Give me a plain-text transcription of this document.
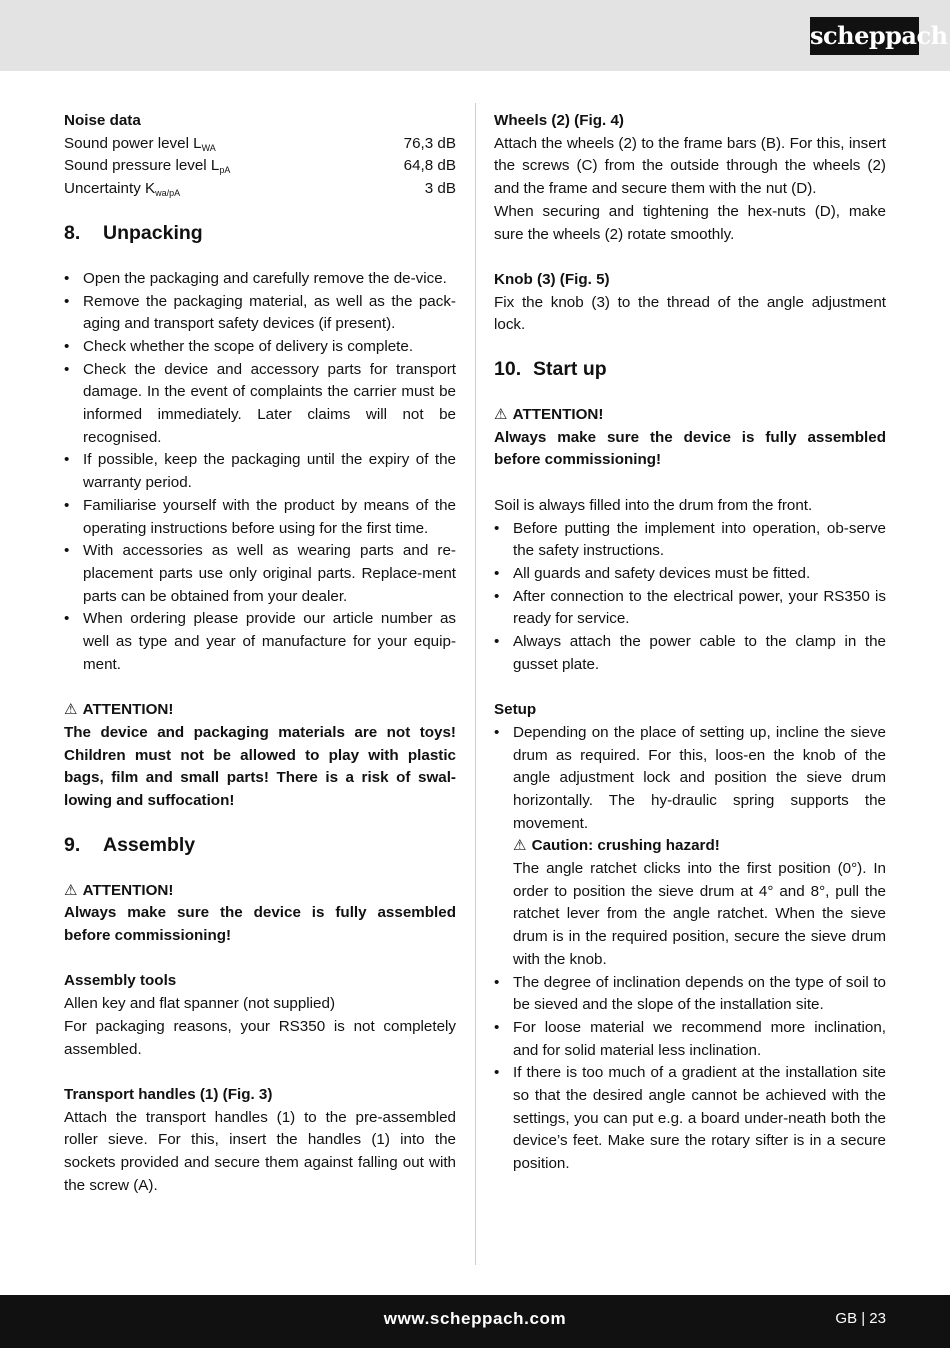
scheppach

Noise data

Sound power level $L_{WA}$	76,3 dB
Sound pressure level $L_{pA}$	64,8 dB
Uncertainty $K_{wa/pA}$	3 dB
8.	Unpacking
• Open the packaging and carefully remove the de-vice.
• Remove the packaging material, as well as the pack-aging and transport safety devices (if present).
• Check whether the scope of delivery is complete.
• Check the device and accessory parts for transport damage. In the event of complaints the carrier must be informed immediately. Later claims will not be recognised.
• If possible, keep the packaging until the expiry of the warranty period.
• Familiarise yourself with the product by means of the operating instructions before using for the first time.
• With accessories as well as wearing parts and re-placement parts use only original parts. Replace-ment parts can be obtained from your dealer.
• When ordering please provide our article number as well as type and year of manufacture for your equip-ment.

⚠ ATTENTION!

The device and packaging materials are not toys! Children must not be allowed to play with plastic bags, film and small parts! There is a risk of swal-lowing and suffocation!

9.	Assembly

⚠ ATTENTION!

Always make sure the device is fully assembled before commissioning!

Assembly tools

Allen key and flat spanner (not supplied)

For packaging reasons, your RS350 is not completely assembled.

Transport handles (1) (Fig. 3)

Attach the transport handles (1) to the pre-assembled roller sieve. For this, insert the handles (1) into the sockets provided and secure them against falling out with the screw (A).

Wheels (2) (Fig. 4)

Attach the wheels (2) to the frame bars (B). For this, insert the screws (C) from the outside through the wheels (2) and the frame and secure them with the nut (D).

When securing and tightening the hex-nuts (D), make sure the wheels (2) rotate smoothly.

Knob (3) (Fig. 5)

Fix the knob (3) to the thread of the angle adjustment lock.

10. Start up

⚠ ATTENTION!

Always make sure the device is fully assembled before commissioning!

Soil is always filled into the drum from the front.

• Before putting the implement into operation, ob-serve the safety instructions.
• All guards and safety devices must be fitted.
• After connection to the electrical power, your RS350 is ready for service.
• Always attach the power cable to the clamp in the gusset plate.

Setup

• Depending on the place of setting up, incline the sieve drum as required. For this, loos-en the knob of the angle adjustment lock and position the sieve drum horizontally. The hy-draulic spring supports the movement.
⚠ Caution: crushing hazard!
The angle ratchet clicks into the first position (0°). In order to position the sieve drum at 4° and 8°, pull the ratchet lever from the angle ratchet. When the sieve drum is in the required position, secure the sieve drum with the knob.
• The degree of inclination depends on the type of soil to be sieved and the slope of the installation site.
• For loose material we recommend more inclination, and for solid material less inclination.
• If there is too much of a gradient at the installation site so that the desired angle cannot be achieved with the settings, you can put e.g. a board under-neath both the device’s feet. Make sure the rotary sifter is in a secure position.
www.scheppach.com	GB | 23
